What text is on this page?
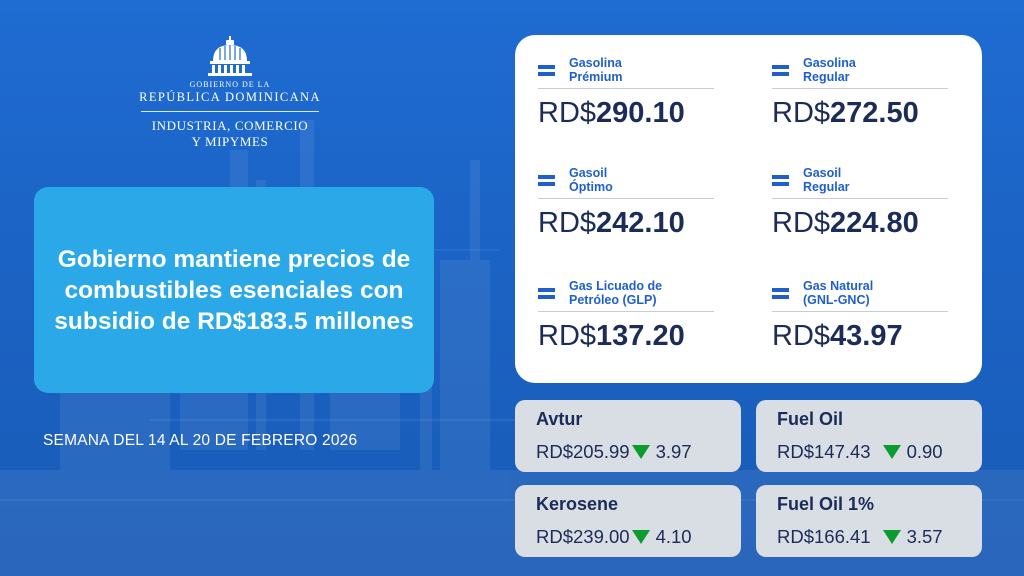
GOBIERNO DE LA
REPÚBLICA DOMINICANA
INDUSTRIA, COMERCIO
Y MIPYMES
Gobierno mantiene precios de combustibles esenciales con subsidio de RD$183.5 millones
SEMANA DEL 14 AL 20 DE FEBRERO 2026
Gasolina
Prémium
RD$290.10
Gasolina
Regular
RD$272.50
Gasoil
Óptimo
RD$242.10
Gasoil
Regular
RD$224.80
Gas Licuado de
Petróleo (GLP)
RD$137.20
Gas Natural
(GNL-GNC)
RD$43.97
Avtur
RD$205.99 3.97
Fuel Oil
RD$147.43 0.90
Kerosene
RD$239.00 4.10
Fuel Oil 1%
RD$166.41 3.57
